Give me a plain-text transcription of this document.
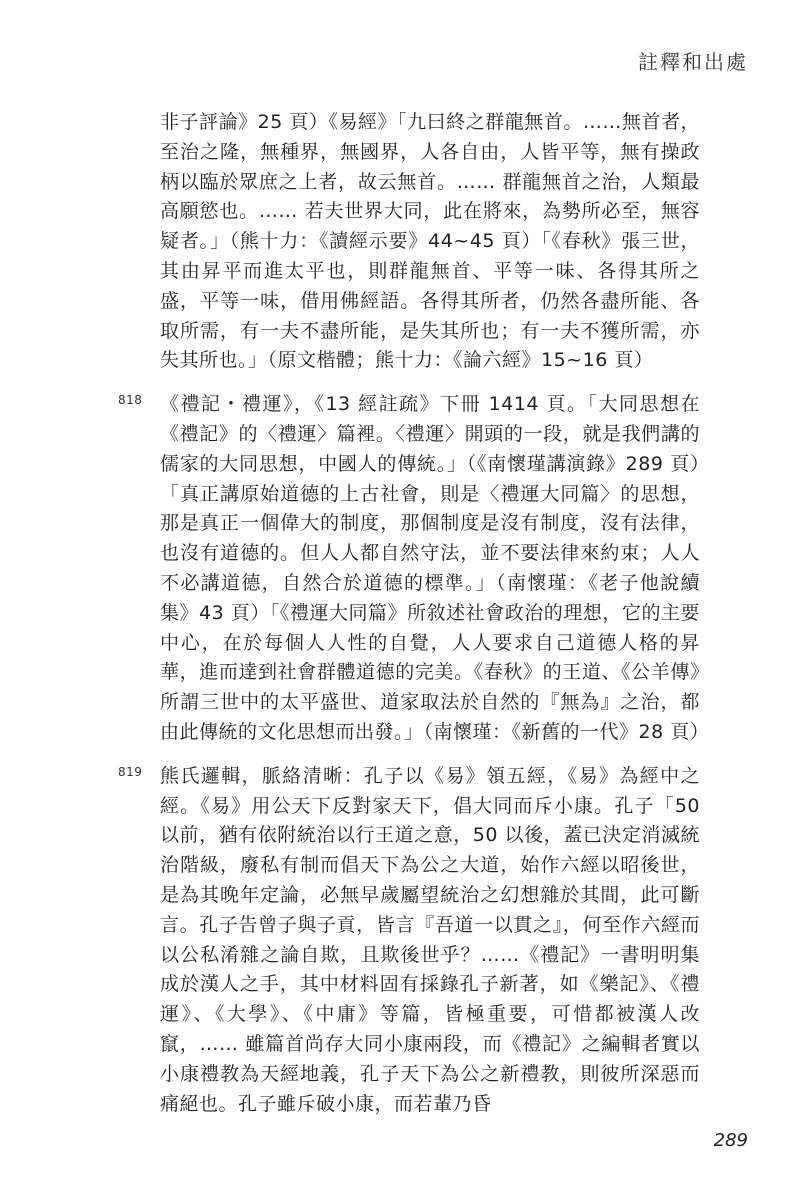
註釋和出處

非子評論》25 頁）《易經》「九曰終之群龍無首。……無首者，至治之隆，無種界，無國界，人各自由，人皆平等，無有操政柄以臨於眾庶之上者，故云無首。…… 群龍無首之治，人類最高願慾也。…… 若夫世界大同，此在將來，為勢所必至，無容疑者。」（熊十力：《讀經示要》44~45 頁）「《春秋》張三世，其由昇平而進太平也，則群龍無首、平等一味、各得其所之盛，平等一味，借用佛經語。各得其所者，仍然各盡所能、各取所需，有一夫不盡所能，是失其所也；有一夫不獲所需，亦失其所也。」（原文楷體；熊十力：《論六經》15~16 頁）

818 《禮記・禮運》，《13 經註疏》下冊 1414 頁。「大同思想在《禮記》的〈禮運〉篇裡。〈禮運〉開頭的一段，就是我們講的儒家的大同思想，中國人的傳統。」（《南懷瑾講演錄》289 頁）「真正講原始道德的上古社會，則是〈禮運大同篇〉的思想，那是真正一個偉大的制度，那個制度是沒有制度，沒有法律，也沒有道德的。但人人都自然守法，並不要法律來約束；人人不必講道德，自然合於道德的標準。」（南懷瑾：《老子他說續集》43 頁）「《禮運大同篇》所敘述社會政治的理想，它的主要中心，在於每個人人性的自覺，人人要求自己道德人格的昇華，進而達到社會群體道德的完美。《春秋》的王道、《公羊傳》所謂三世中的太平盛世、道家取法於自然的『無為』之治，都由此傳統的文化思想而出發。」（南懷瑾：《新舊的一代》28 頁）

819 熊氏邏輯，脈絡清晰：孔子以《易》領五經，《易》為經中之經。《易》用公天下反對家天下，倡大同而斥小康。孔子「50 以前，猶有依附統治以行王道之意，50 以後，蓋已決定消滅統治階級，廢私有制而倡天下為公之大道，始作六經以昭後世，是為其晚年定論，必無早歲屬望統治之幻想雜於其間，此可斷言。孔子告曾子與子貢，皆言『吾道一以貫之』，何至作六經而以公私淆雜之論自欺，且欺後世乎？……《禮記》一書明明集成於漢人之手，其中材料固有採錄孔子新著，如《樂記》、《禮運》、《大學》、《中庸》等篇，皆極重要，可惜都被漢人改竄，…… 雖篇首尚存大同小康兩段，而《禮記》之編輯者實以小康禮教為天經地義，孔子天下為公之新禮教，則彼所深惡而痛絕也。孔子雖斥破小康，而若輩乃昏

289
